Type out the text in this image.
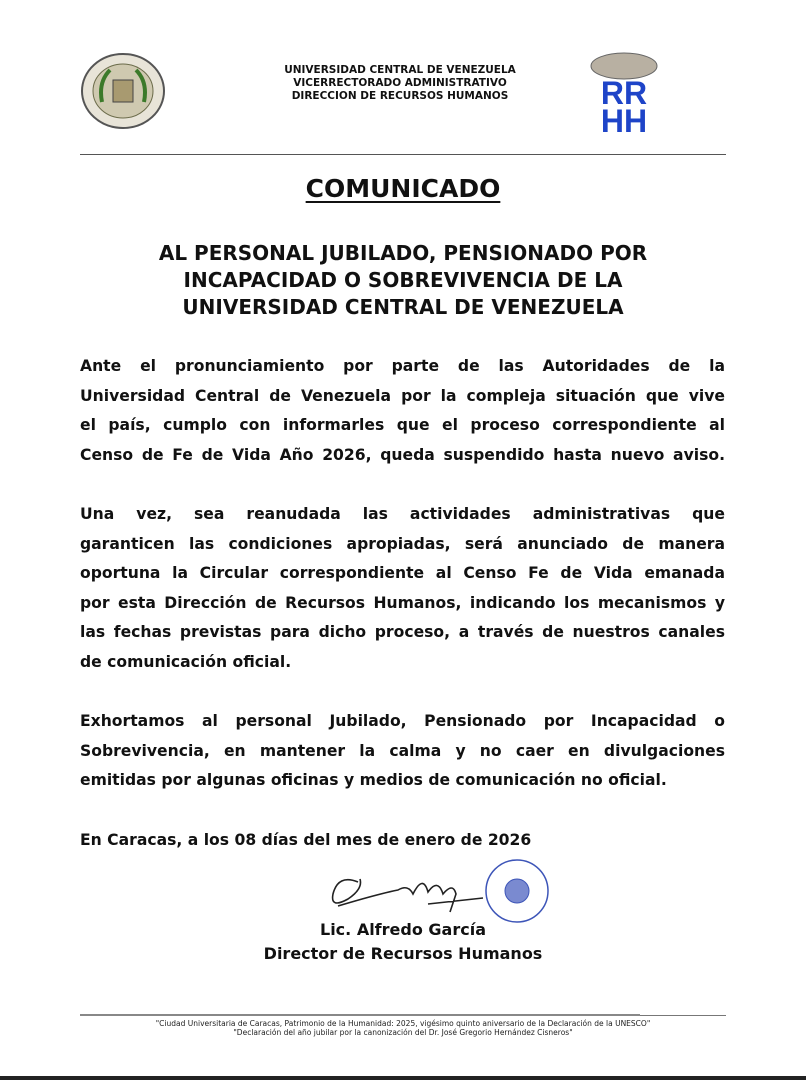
UNIVERSIDAD CENTRAL DE VENEZUELA
VICERRECTORADO ADMINISTRATIVO
DIRECCION DE RECURSOS HUMANOS	RR
HH
COMUNICADO
AL PERSONAL JUBILADO, PENSIONADO POR
INCAPACIDAD O SOBREVIVENCIA DE LA
UNIVERSIDAD CENTRAL DE VENEZUELA
Ante el pronunciamiento por parte de las Autoridades de la
Universidad Central de Venezuela por la compleja situación que vive
el país, cumplo con informarles que el proceso correspondiente al
Censo de Fe de Vida Año 2026, queda suspendido hasta nuevo aviso.
Una vez, sea reanudada las actividades administrativas que
garanticen las condiciones apropiadas, será anunciado de manera
oportuna la Circular correspondiente al Censo Fe de Vida emanada
por esta Dirección de Recursos Humanos, indicando los mecanismos y
las fechas previstas para dicho proceso, a través de nuestros canales
de comunicación oficial.
Exhortamos al personal Jubilado, Pensionado por Incapacidad o
Sobrevivencia, en mantener la calma y no caer en divulgaciones
emitidas por algunas oficinas y medios de comunicación no oficial.
En Caracas, a los 08 días del mes de enero de 2026
Lic. Alfredo García
Director de Recursos Humanos
"Ciudad Universitaria de Caracas, Patrimonio de la Humanidad: 2025, vigésimo quinto aniversario de la Declaración de la UNESCO"
"Declaración del año jubilar por la canonización del Dr. José Gregorio Hernández Cisneros"
